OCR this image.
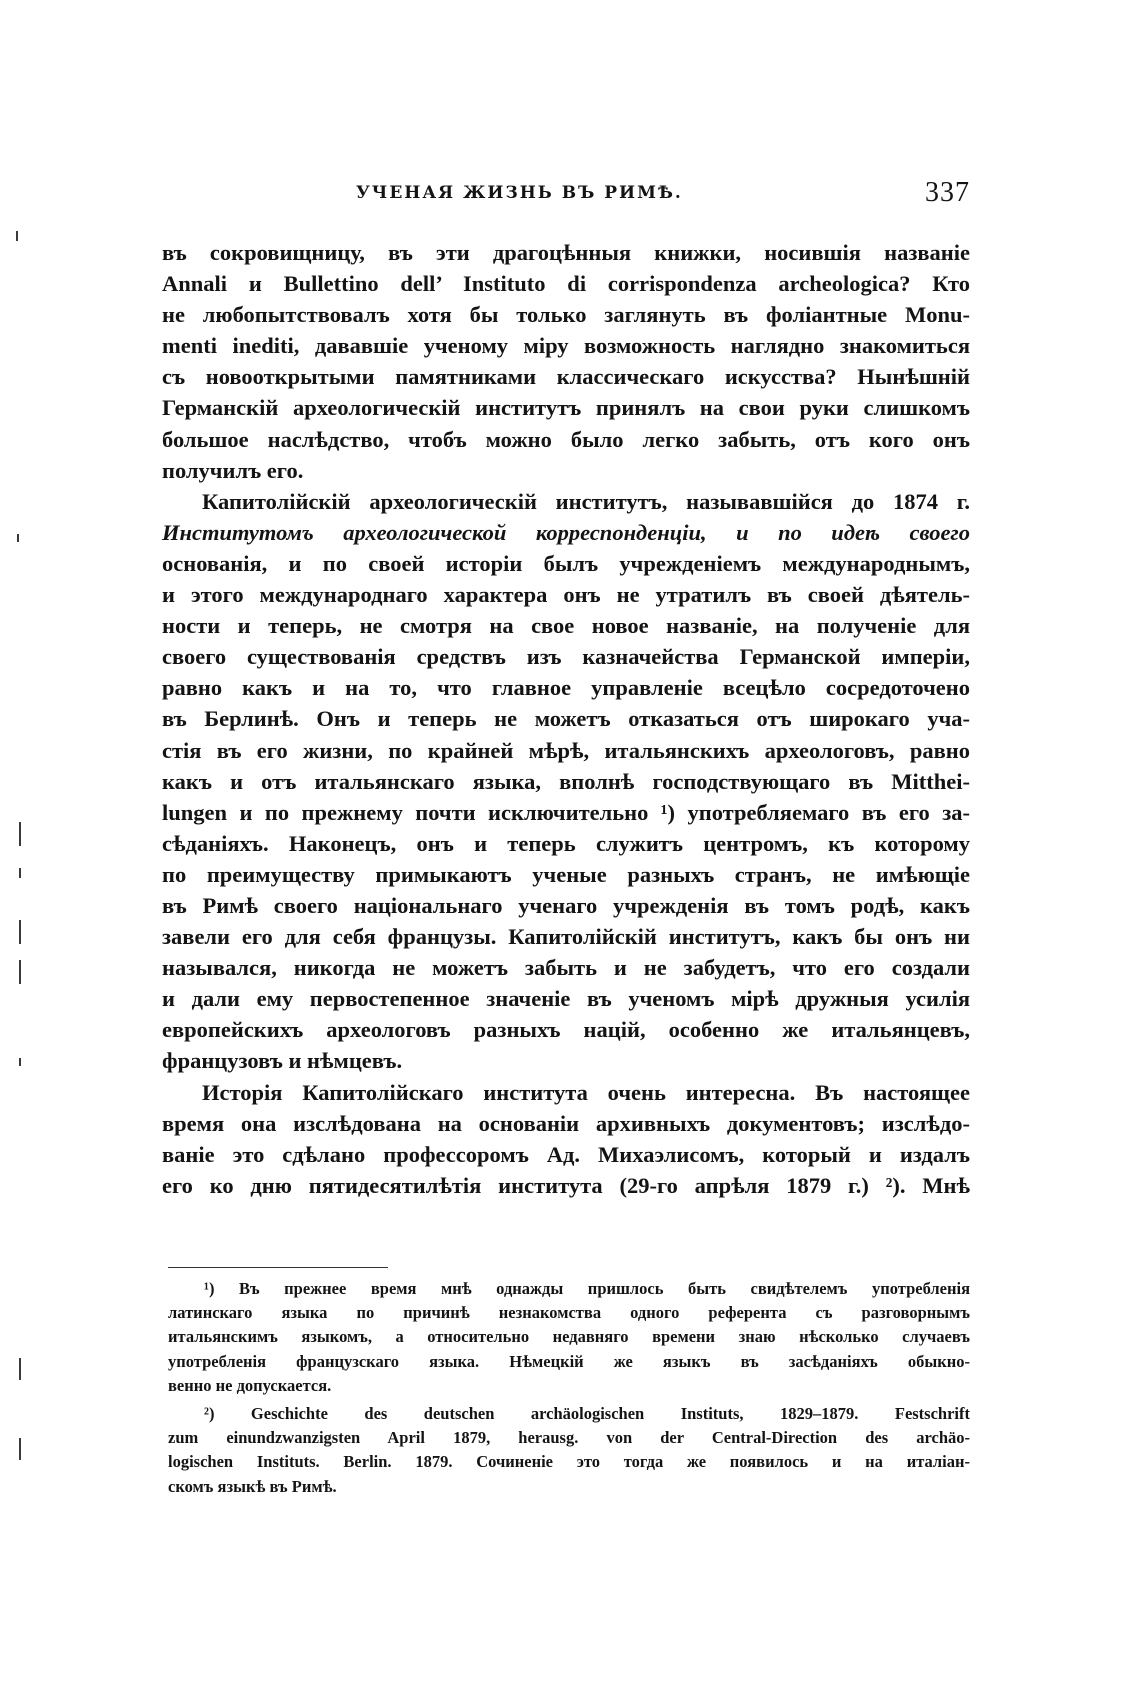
УЧЕНАЯ ЖИЗНЬ ВЪ РИМѢ.	337

въ сокровищницу, въ эти драгоцѣнныя книжки, носившія названіе
Annali и Bullettino dell’ Instituto di corrispondenza archeologica? Кто
не любопытствовалъ хотя бы только заглянуть въ фоліантные Monu-
menti inediti, дававшіе ученому міру возможность наглядно знакомиться
съ новооткрытыми памятниками классическаго искусства? Нынѣшній
Германскій археологическій институтъ принялъ на свои руки слишкомъ
большое наслѣдство, чтобъ можно было легко забыть, отъ кого онъ
получилъ его.

Капитолійскій археологическій институтъ, называвшійся до 1874 г.
Институтомъ археологической корреспонденціи, и по идеѣ своего
основанія, и по своей исторіи былъ учрежденіемъ международнымъ,
и этого международнаго характера онъ не утратилъ въ своей дѣятель-
ности и теперь, не смотря на свое новое названіе, на полученіе для
своего существованія средствъ изъ казначейства Германской имперіи,
равно какъ и на то, что главное управленіе всецѣло сосредоточено
въ Берлинѣ. Онъ и теперь не можетъ отказаться отъ широкаго уча-
стія въ его жизни, по крайней мѣрѣ, итальянскихъ археологовъ, равно
какъ и отъ итальянскаго языка, вполнѣ господствующаго въ Mitthei-
lungen и по прежнему почти исключительно ¹) употребляемаго въ его за-
сѣданіяхъ. Наконецъ, онъ и теперь служитъ центромъ, къ которому
по преимуществу примыкаютъ ученые разныхъ странъ, не имѣющіе
въ Римѣ своего національнаго ученаго учрежденія въ томъ родѣ, какъ
завели его для себя французы. Капитолійскій институтъ, какъ бы онъ ни
назывался, никогда не можетъ забыть и не забудетъ, что его создали
и дали ему первостепенное значеніе въ ученомъ мірѣ дружныя усилія
европейскихъ археологовъ разныхъ націй, особенно же итальянцевъ,
французовъ и нѣмцевъ.

Исторія Капитолійскаго института очень интересна. Въ настоящее
время она изслѣдована на основаніи архивныхъ документовъ; изслѣдо-
ваніе это сдѣлано профессоромъ Ад. Михаэлисомъ, который и издалъ
его ко дню пятидесятилѣтія института (29-го апрѣля 1879 г.) ²). Мнѣ

¹) Въ прежнее время мнѣ однажды пришлось быть свидѣтелемъ употребленія
латинскаго языка по причинѣ незнакомства одного референта съ разговорнымъ
итальянскимъ языкомъ, а относительно недавняго времени знаю нѣсколько случаевъ
употребленія французскаго языка. Нѣмецкій же языкъ въ засѣданіяхъ обыкно-
венно не допускается.

²) Geschichte des deutschen archäologischen Instituts, 1829–1879. Festschrift
zum einundzwanzigsten April 1879, herausg. von der Central-Direction des archäo-
logischen Instituts. Berlin. 1879. Сочиненіе это тогда же появилось и на италіан-
скомъ языкѣ въ Римѣ.
